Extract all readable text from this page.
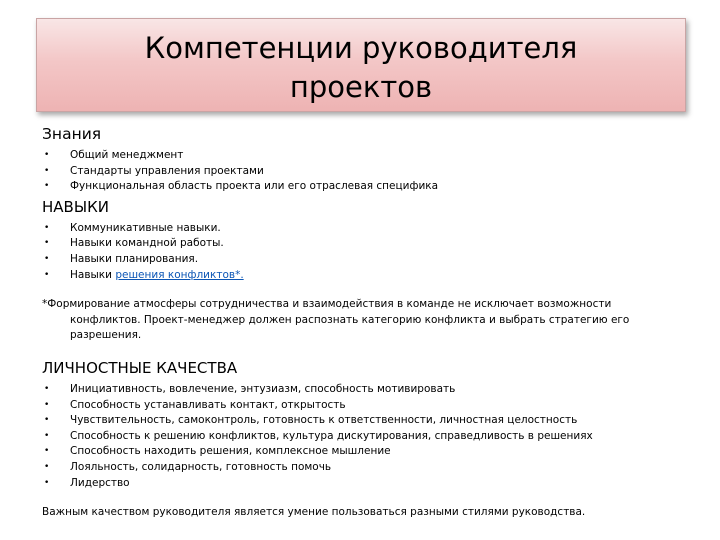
Компетенции руководителя
проектов
Знания
• Общий менеджмент
• Стандарты управления проектами
• Функциональная область проекта или его отраслевая специфика
НАВЫКИ
• Коммуникативные навыки.
• Навыки командной работы.
• Навыки планирования.
• Навыки решения конфликтов*.
*Формирование атмосферы сотрудничества и взаимодействия в команде не исключает возможности конфликтов. Проект-менеджер должен распознать категорию конфликта и выбрать стратегию его разрешения.
ЛИЧНОСТНЫЕ КАЧЕСТВА
• Инициативность, вовлечение, энтузиазм, способность мотивировать
• Способность устанавливать контакт, открытость
• Чувствительность, самоконтроль, готовность к ответственности, личностная целостность
• Способность к решению конфликтов, культура дискутирования, справедливость в решениях
• Способность находить решения, комплексное мышление
• Лояльность, солидарность, готовность помочь
• Лидерство
Важным качеством руководителя является умение пользоваться разными стилями руководства.
